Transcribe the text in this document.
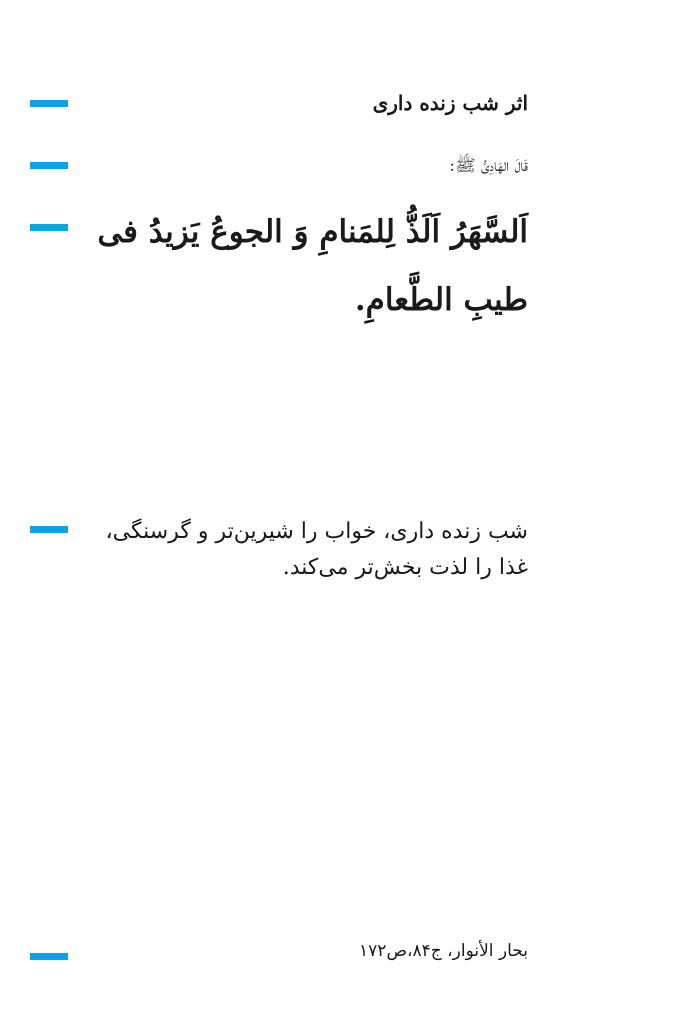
اثر شب زنده داری
قَالَ الهَادِیُّ ﷺ:
اَلسَّهَرُ اَلَذُّ لِلمَنامِ وَ الجوعُ یَزیدُ فی طیبِ الطَّعامِ.
شب زنده داری، خواب را شیرین‌تر و گرسنگی، غذا را لذت بخش‌تر می‌کند.
بحار الأنوار، ج۸۴،ص۱۷۲
